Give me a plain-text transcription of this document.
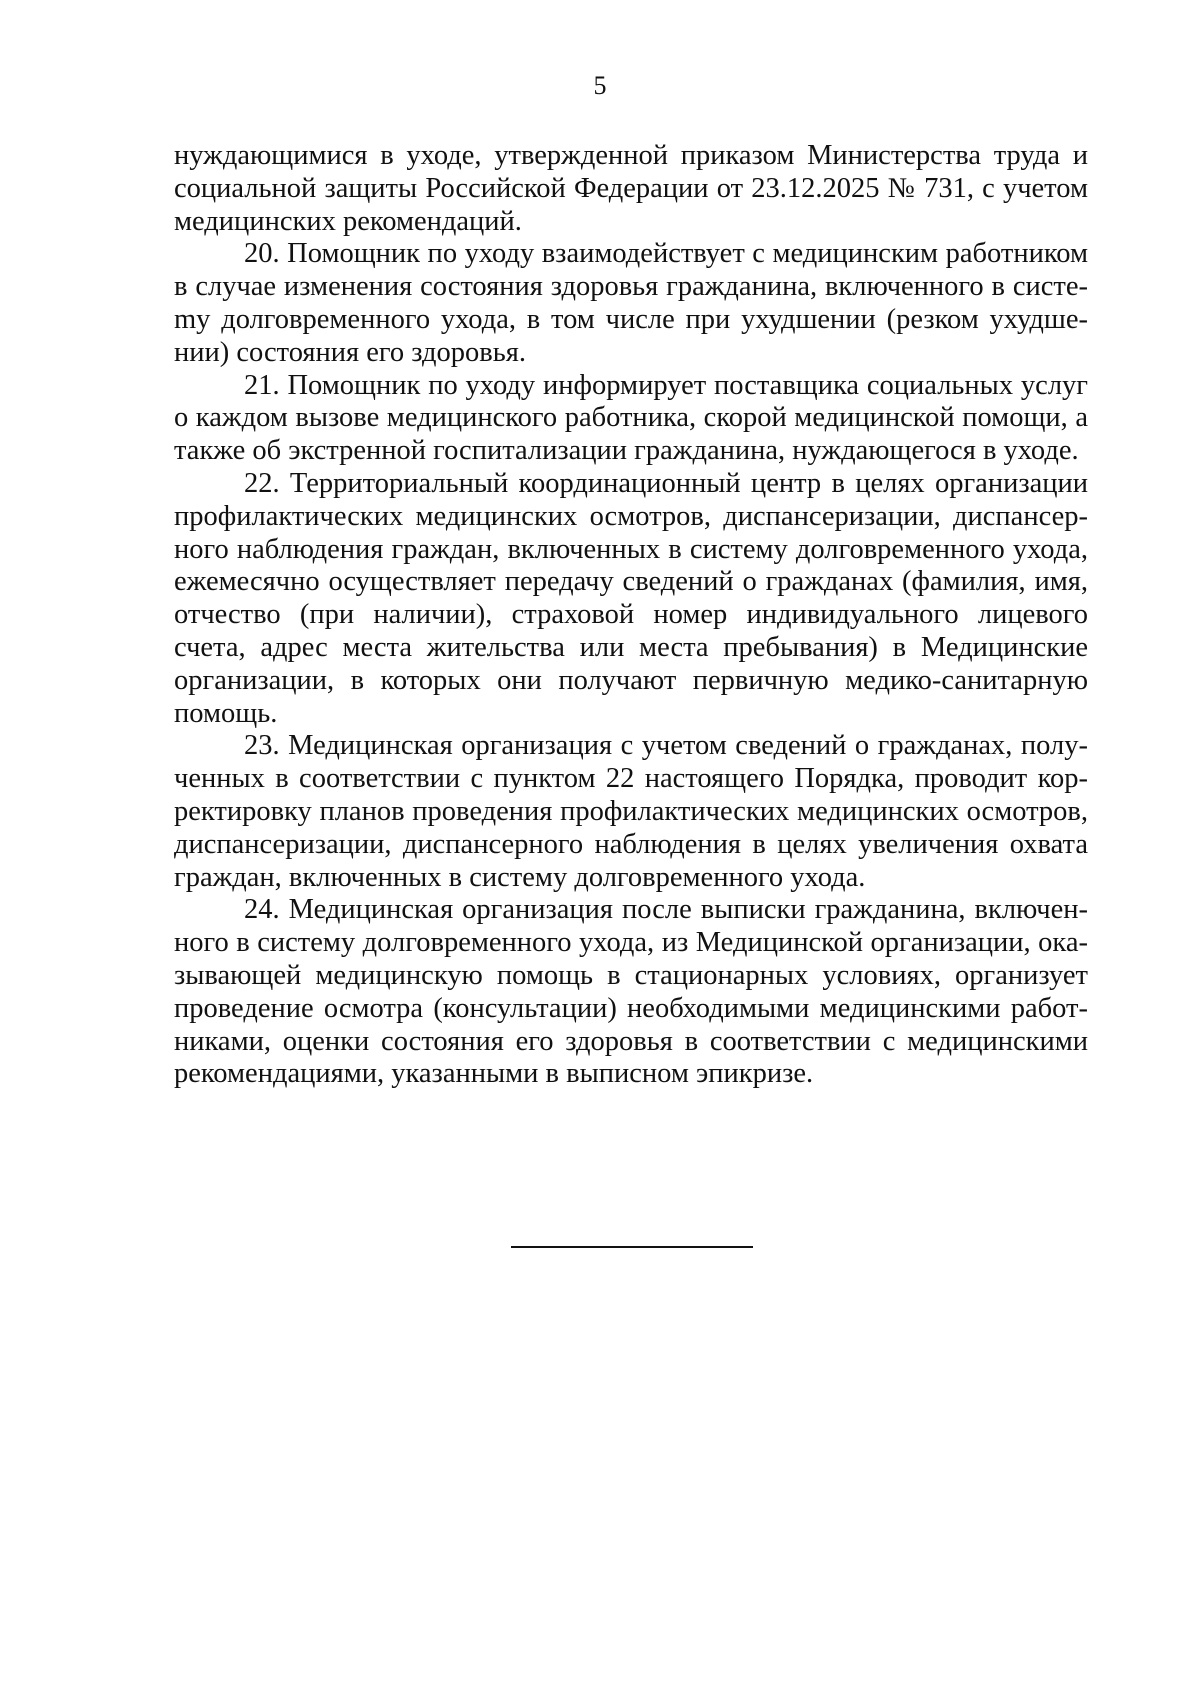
5

нуждающимися в уходе, утвержденной приказом Министерства труда и социальной защиты Российской Федерации от 23.12.2025 № 731, с учетом медицинских рекомендаций.

20. Помощник по уходу взаимодействует с медицинским работником в случае изменения состояния здоровья гражданина, включенного в систеmу долговременного ухода, в том числе при ухудшении (резком ухудшении) состояния его здоровья.

21. Помощник по уходу информирует поставщика социальных услуг о каждом вызове медицинского работника, скорой медицинской помощи, а также об экстренной госпитализации гражданина, нуждающегося в уходе.

22. Территориальный координационный центр в целях организации профилактических медицинских осмотров, диспансеризации, диспансерного наблюдения граждан, включенных в систему долговременного ухода, ежемесячно осуществляет передачу сведений о гражданах (фамилия, имя, отчество (при наличии), страховой номер индивидуального лицевого счета, адрес места жительства или места пребывания) в Медицинские организации, в которых они получают первичную медико-санитарную помощь.

23. Медицинская организация с учетом сведений о гражданах, полученных в соответствии с пунктом 22 настоящего Порядка, проводит корректировку планов проведения профилактических медицинских осмотров, диспансеризации, диспансерного наблюдения в целях увеличения охвата граждан, включенных в систему долговременного ухода.

24. Медицинская организация после выписки гражданина, включенного в систему долговременного ухода, из Медицинской организации, оказывающей медицинскую помощь в стационарных условиях, организует проведение осмотра (консультации) необходимыми медицинскими работниками, оценки состояния его здоровья в соответствии с медицинскими рекомендациями, указанными в выписном эпикризе.
